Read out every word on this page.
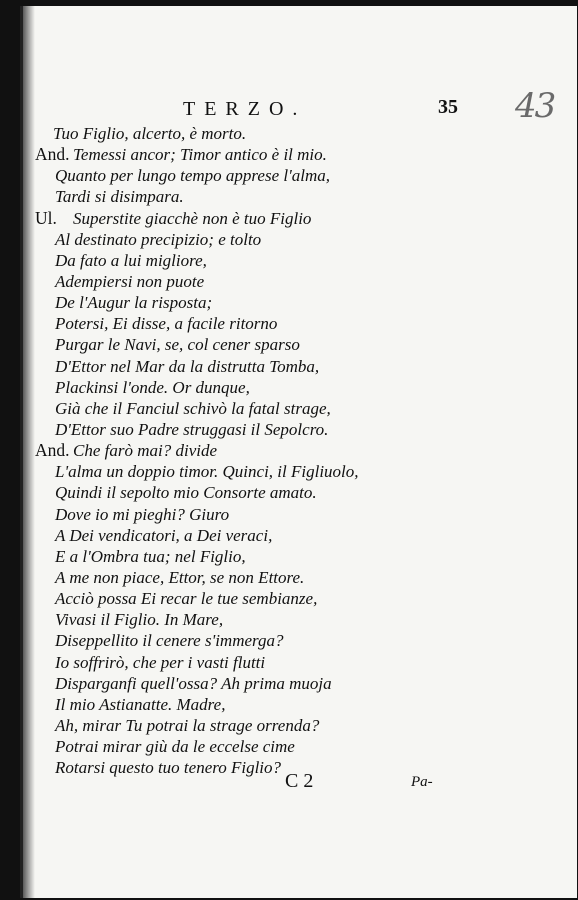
TERZO.	35 43
Tuo Figlio, alcerto, è morto.
And. Temessi ancor; Timor antico è il mio.
Quanto per lungo tempo apprese l'alma,
Tardi si disimpara.
Ul. Superstite giacchè non è tuo Figlio
Al destinato precipizio; e tolto
Da fato a lui migliore,
Adempiersi non puote
De l'Augur la risposta;
Potersi, Ei disse, a facile ritorno
Purgar le Navi, se, col cener sparso
D'Ettor nel Mar da la distrutta Tomba,
Plackinsi l'onde. Or dunque,
Già che il Fanciul schivò la fatal strage,
D'Ettor suo Padre struggasi il Sepolcro.
And. Che farò mai? divide
L'alma un doppio timor. Quinci, il Figliuolo,
Quindi il sepolto mio Consorte amato.
Dove io mi pieghi? Giuro
A Dei vendicatori, a Dei veraci,
E a l'Ombra tua; nel Figlio,
A me non piace, Ettor, se non Ettore.
Acciò possa Ei recar le tue sembianze,
Vivasi il Figlio. In Mare,
Diseppellito il cenere s'immerga?
Io soffrirò, che per i vasti flutti
Disparganfi quell'ossa? Ah prima muoja
Il mio Astianatte. Madre,
Ah, mirar Tu potrai la strage orrenda?
Potrai mirar giù da le eccelse cime
Rotarsi questo tuo tenero Figlio?
C 2	Pa-
